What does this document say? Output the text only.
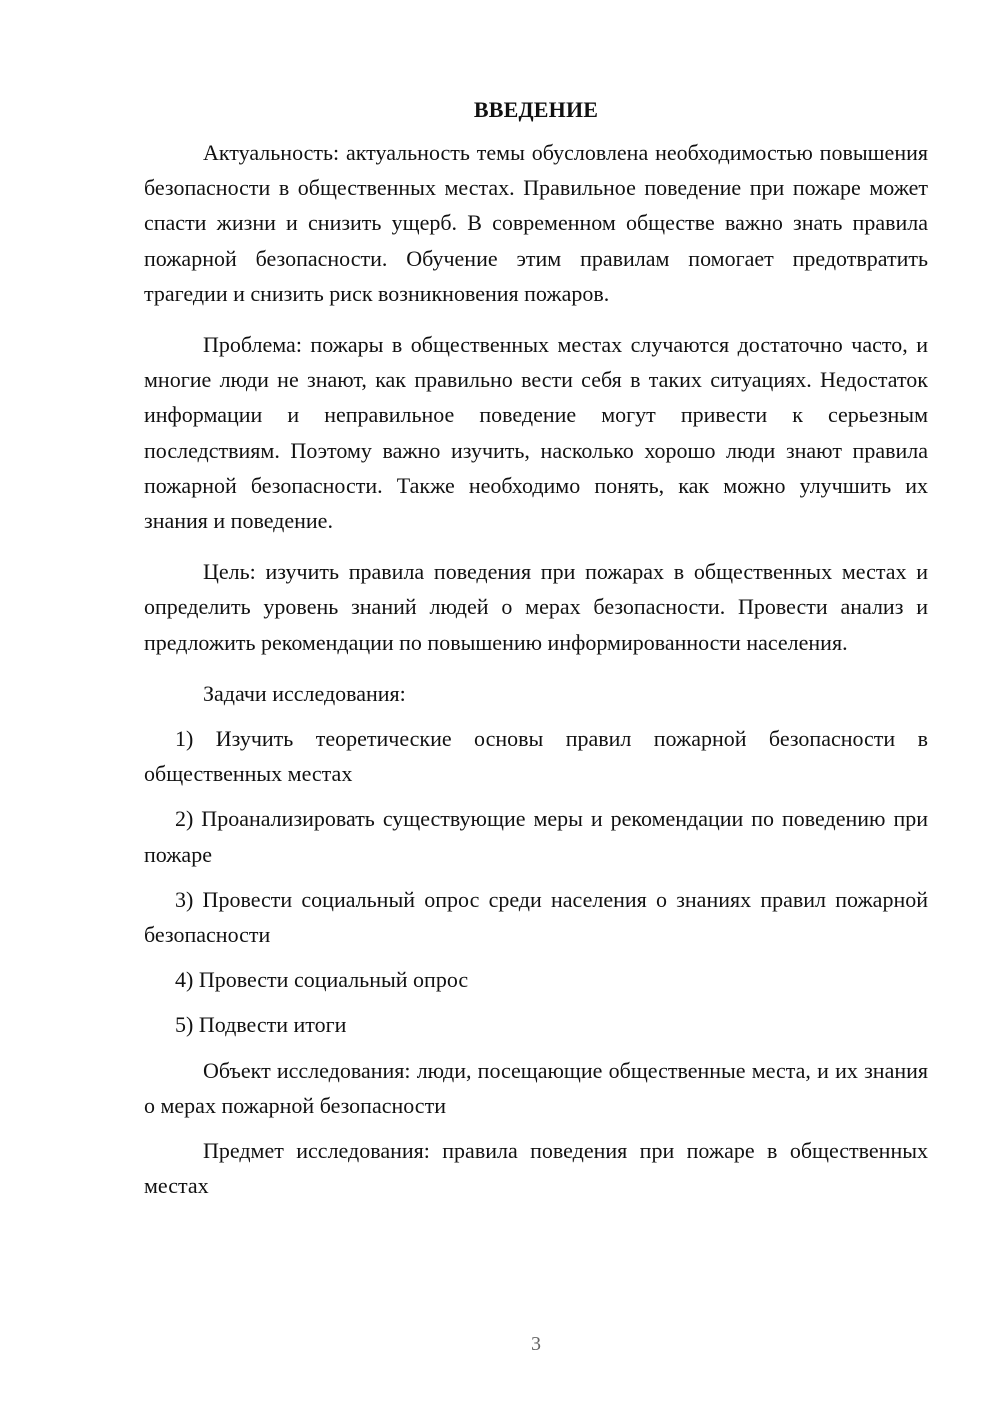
ВВЕДЕНИЕ

Актуальность: актуальность темы обусловлена необходимостью повышения безопасности в общественных местах. Правильное поведение при пожаре может спасти жизни и снизить ущерб. В современном обществе важно знать правила пожарной безопасности. Обучение этим правилам помогает предотвратить трагедии и снизить риск возникновения пожаров.

Проблема: пожары в общественных местах случаются достаточно часто, и многие люди не знают, как правильно вести себя в таких ситуациях. Недостаток информации и неправильное поведение могут привести к серьезным последствиям. Поэтому важно изучить, насколько хорошо люди знают правила пожарной безопасности. Также необходимо понять, как можно улучшить их знания и поведение.

Цель: изучить правила поведения при пожарах в общественных местах и определить уровень знаний людей о мерах безопасности. Провести анализ и предложить рекомендации по повышению информированности населения.

Задачи исследования:

1) Изучить теоретические основы правил пожарной безопасности в общественных местах

2) Проанализировать существующие меры и рекомендации по поведению при пожаре

3) Провести социальный опрос среди населения о знаниях правил пожарной безопасности

4) Провести социальный опрос

5) Подвести итоги

Объект исследования: люди, посещающие общественные места, и их знания о мерах пожарной безопасности

Предмет исследования: правила поведения при пожаре в общественных местах

3
